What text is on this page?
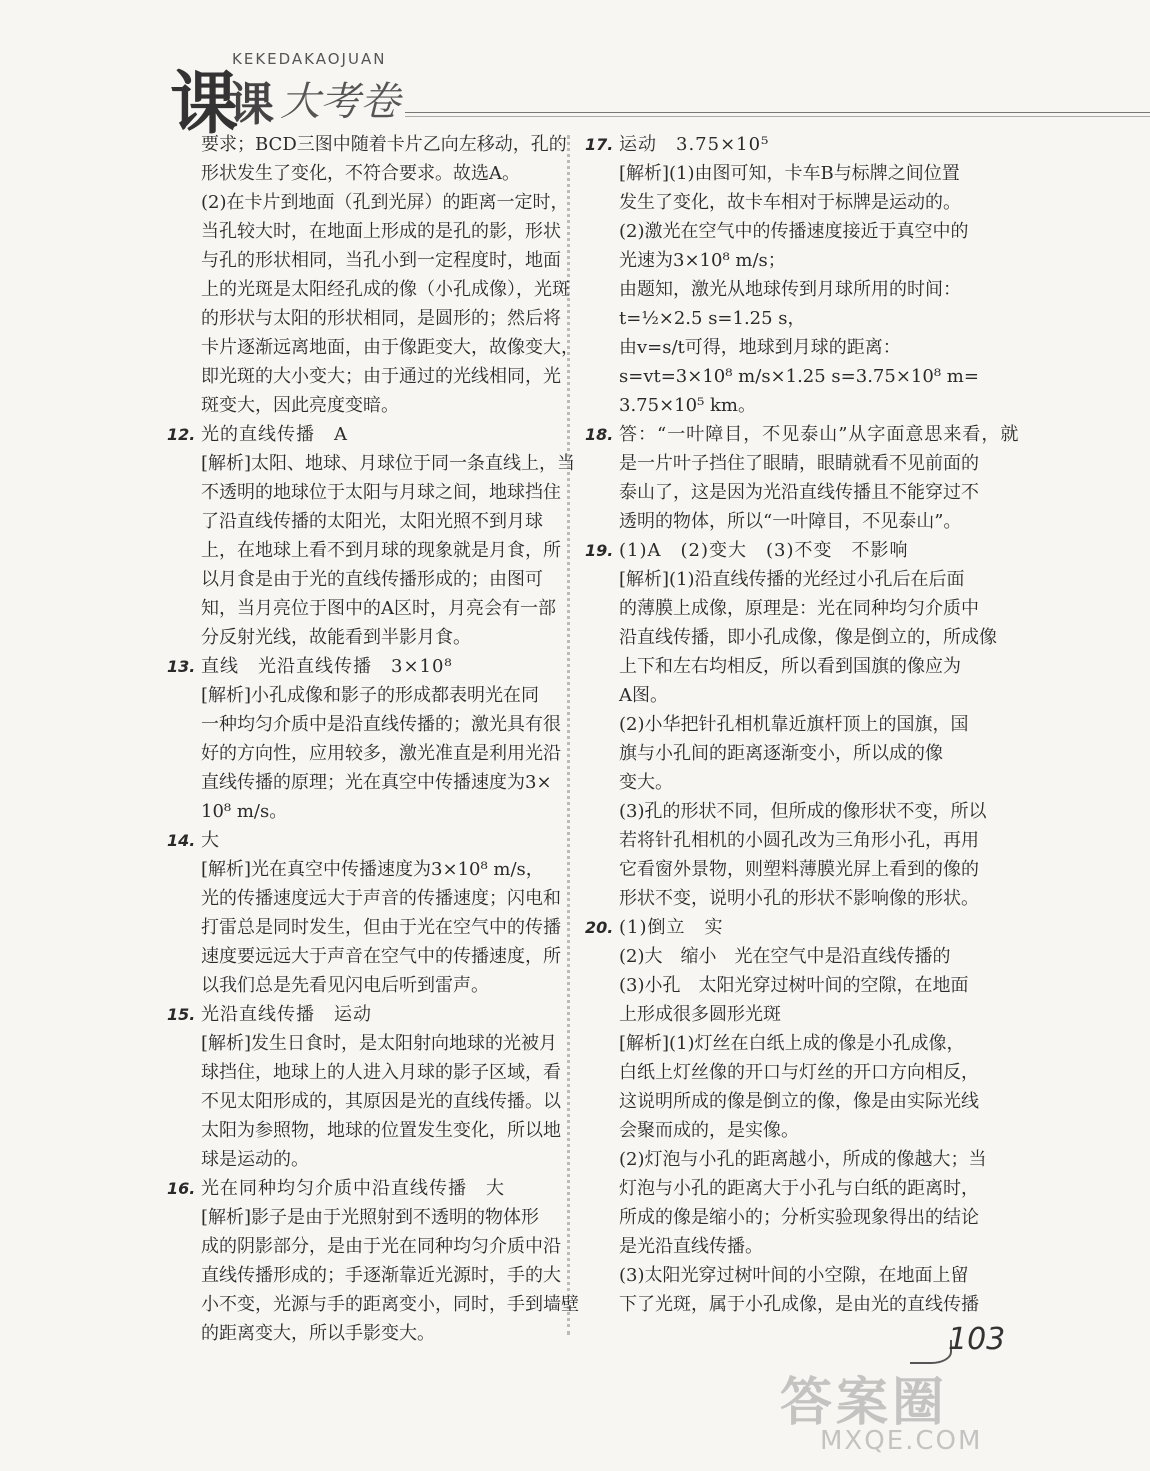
课
课 大考卷
KEKEDAKAOJUAN
要求；BCD三图中随着卡片乙向左移动，孔的
形状发生了变化，不符合要求。故选A。
(2)在卡片到地面（孔到光屏）的距离一定时，
当孔较大时，在地面上形成的是孔的影，形状
与孔的形状相同，当孔小到一定程度时，地面
上的光斑是太阳经孔成的像（小孔成像），光斑
的形状与太阳的形状相同，是圆形的；然后将
卡片逐渐远离地面，由于像距变大，故像变大，
即光斑的大小变大；由于通过的光线相同，光
斑变大，因此亮度变暗。
12. 光的直线传播　A
[解析]太阳、地球、月球位于同一条直线上，当
不透明的地球位于太阳与月球之间，地球挡住
了沿直线传播的太阳光，太阳光照不到月球
上，在地球上看不到月球的现象就是月食，所
以月食是由于光的直线传播形成的；由图可
知，当月亮位于图中的A区时，月亮会有一部
分反射光线，故能看到半影月食。
13. 直线　光沿直线传播　3×10⁸
[解析]小孔成像和影子的形成都表明光在同
一种均匀介质中是沿直线传播的；激光具有很
好的方向性，应用较多，激光准直是利用光沿
直线传播的原理；光在真空中传播速度为3×
10⁸ m/s。
14. 大
[解析]光在真空中传播速度为3×10⁸ m/s，
光的传播速度远大于声音的传播速度；闪电和
打雷总是同时发生，但由于光在空气中的传播
速度要远远大于声音在空气中的传播速度，所
以我们总是先看见闪电后听到雷声。
15. 光沿直线传播　运动
[解析]发生日食时，是太阳射向地球的光被月
球挡住，地球上的人进入月球的影子区域，看
不见太阳形成的，其原因是光的直线传播。以
太阳为参照物，地球的位置发生变化，所以地
球是运动的。
16. 光在同种均匀介质中沿直线传播　大
[解析]影子是由于光照射到不透明的物体形
成的阴影部分，是由于光在同种均匀介质中沿
直线传播形成的；手逐渐靠近光源时，手的大
小不变，光源与手的距离变小，同时，手到墙壁
的距离变大，所以手影变大。
17. 运动　3.75×10⁵
[解析](1)由图可知，卡车B与标牌之间位置
发生了变化，故卡车相对于标牌是运动的。
(2)激光在空气中的传播速度接近于真空中的
光速为3×10⁸ m/s；
由题知，激光从地球传到月球所用的时间：
t=½×2.5 s=1.25 s，
由v=s/t可得，地球到月球的距离：
s=vt=3×10⁸ m/s×1.25 s=3.75×10⁸ m=
3.75×10⁵ km。
18. 答：“一叶障目，不见泰山”从字面意思来看，就
是一片叶子挡住了眼睛，眼睛就看不见前面的
泰山了，这是因为光沿直线传播且不能穿过不
透明的物体，所以“一叶障目，不见泰山”。
19. (1)A　(2)变大　(3)不变　不影响
[解析](1)沿直线传播的光经过小孔后在后面
的薄膜上成像，原理是：光在同种均匀介质中
沿直线传播，即小孔成像，像是倒立的，所成像
上下和左右均相反，所以看到国旗的像应为
A图。
(2)小华把针孔相机靠近旗杆顶上的国旗，国
旗与小孔间的距离逐渐变小，所以成的像
变大。
(3)孔的形状不同，但所成的像形状不变，所以
若将针孔相机的小圆孔改为三角形小孔，再用
它看窗外景物，则塑料薄膜光屏上看到的像的
形状不变，说明小孔的形状不影响像的形状。
20. (1)倒立　实
(2)大　缩小　光在空气中是沿直线传播的
(3)小孔　太阳光穿过树叶间的空隙，在地面
上形成很多圆形光斑
[解析](1)灯丝在白纸上成的像是小孔成像，
白纸上灯丝像的开口与灯丝的开口方向相反，
这说明所成的像是倒立的像，像是由实际光线
会聚而成的，是实像。
(2)灯泡与小孔的距离越小，所成的像越大；当
灯泡与小孔的距离大于小孔与白纸的距离时，
所成的像是缩小的；分析实验现象得出的结论
是光沿直线传播。
(3)太阳光穿过树叶间的小空隙，在地面上留
下了光斑，属于小孔成像，是由光的直线传播
103
答案圈
MXQE.COM
